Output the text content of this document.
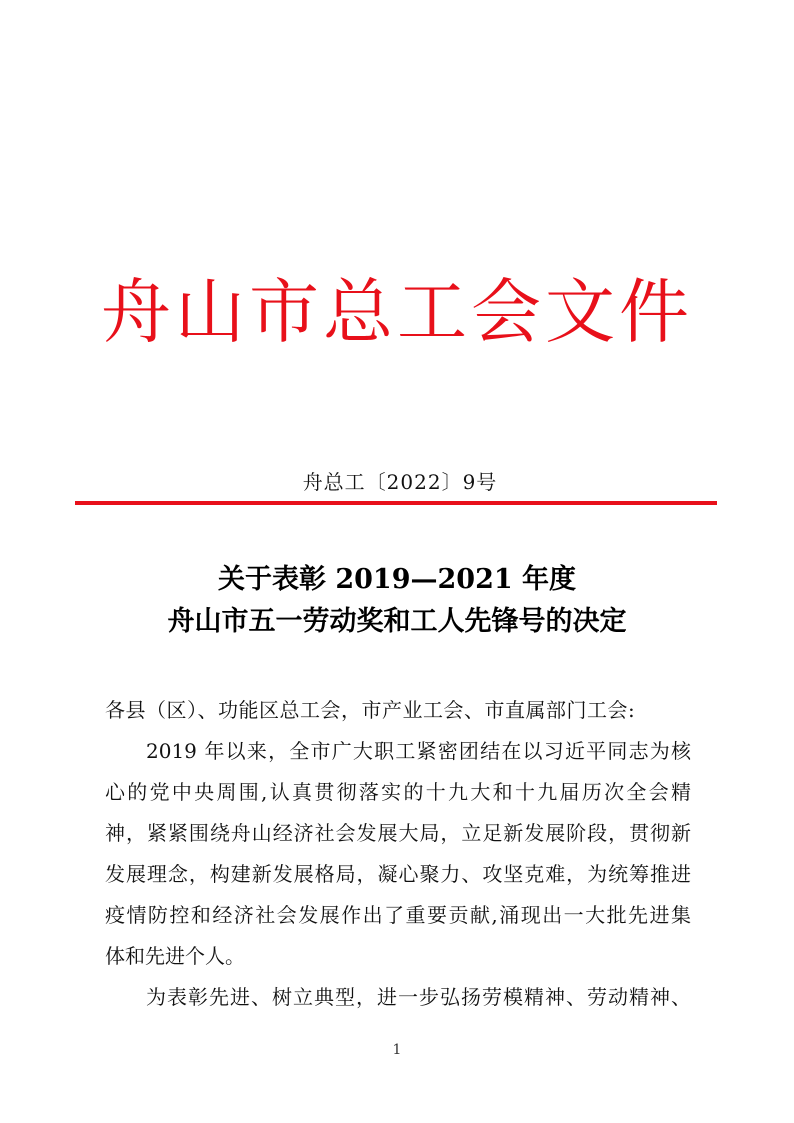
舟山市总工会文件
舟总工〔2022〕9号
关于表彰 2019—2021 年度
舟山市五一劳动奖和工人先锋号的决定
各县（区）、功能区总工会，市产业工会、市直属部门工会:
2019 年以来，全市广大职工紧密团结在以习近平同志为核
心的党中央周围,认真贯彻落实的十九大和十九届历次全会精
神，紧紧围绕舟山经济社会发展大局，立足新发展阶段，贯彻新
发展理念，构建新发展格局，凝心聚力、攻坚克难，为统筹推进
疫情防控和经济社会发展作出了重要贡献,涌现出一大批先进集
体和先进个人。
为表彰先进、树立典型，进一步弘扬劳模精神、劳动精神、
1
